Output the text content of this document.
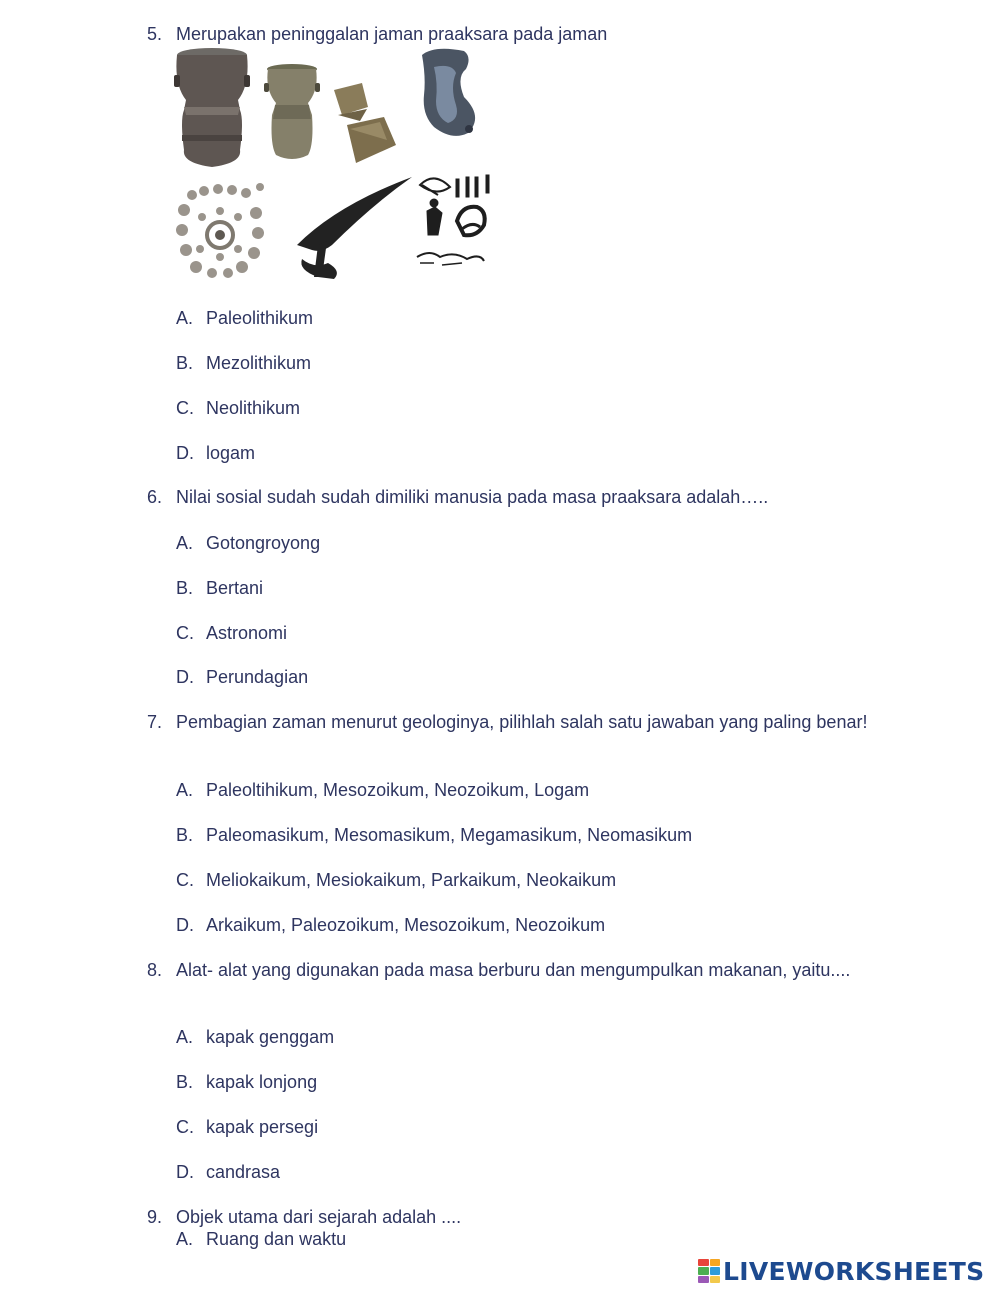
5. Merupakan peninggalan jaman praaksara pada jaman
A. Paleolithikum
B. Mezolithikum
C. Neolithikum
D. logam
6. Nilai sosial sudah sudah dimiliki manusia pada masa praaksara adalah…..
A. Gotongroyong
B. Bertani
C. Astronomi
D. Perundagian
7. Pembagian zaman menurut geologinya, pilihlah salah satu jawaban yang paling benar!
A. Paleoltihikum, Mesozoikum, Neozoikum, Logam
B. Paleomasikum, Mesomasikum, Megamasikum, Neomasikum
C. Meliokaikum, Mesiokaikum, Parkaikum, Neokaikum
D. Arkaikum, Paleozoikum, Mesozoikum, Neozoikum
8. Alat- alat yang digunakan pada masa berburu dan mengumpulkan makanan, yaitu....
A. kapak genggam
B. kapak lonjong
C. kapak persegi
D. candrasa
9. Objek utama dari sejarah adalah ....
A. Ruang dan waktu
LIVEWORKSHEETS
